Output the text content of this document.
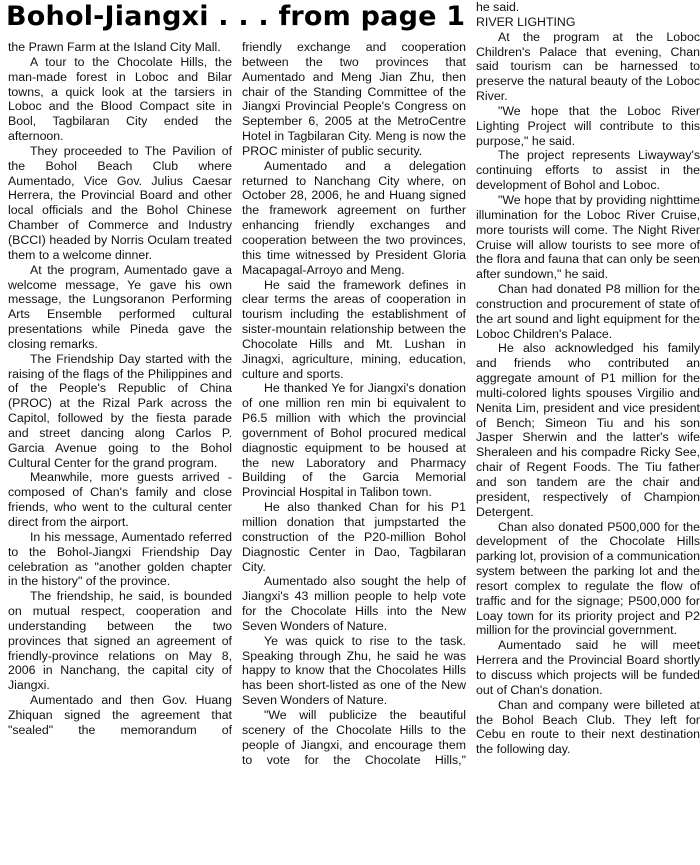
Bohol-Jiangxi . . . from page 1

the Prawn Farm at the Island City Mall.

A tour to the Chocolate Hills, the man-made forest in Loboc and Bilar towns, a quick look at the tarsiers in Loboc and the Blood Compact site in Bool, Tagbilaran City ended the afternoon.

They proceeded to The Pavilion of the Bohol Beach Club where Aumentado, Vice Gov. Julius Caesar Herrera, the Provincial Board and other local officials and the Bohol Chinese Chamber of Commerce and Industry (BCCI) headed by Norris Oculam treated them to a welcome dinner.

At the program, Aumentado gave a welcome message, Ye gave his own message, the Lungsoranon Performing Arts Ensemble performed cultural presentations while Pineda gave the closing remarks.

The Friendship Day started with the raising of the flags of the Philippines and of the People's Republic of China (PROC) at the Rizal Park across the Capitol, followed by the fiesta parade and street dancing along Carlos P. Garcia Avenue going to the Bohol Cultural Center for the grand program.

Meanwhile, more guests arrived - composed of Chan's family and close friends, who went to the cultural center direct from the airport.

In his message, Aumentado referred to the Bohol-Jiangxi Friendship Day celebration as "another golden chapter in the history" of the province.

The friendship, he said, is bounded on mutual respect, cooperation and understanding between the two provinces that signed an agreement of friendly-province relations on May 8, 2006 in Nanchang, the capital city of Jiangxi.

Aumentado and then Gov. Huang Zhiquan signed the agreement that "sealed" the memorandum of

friendly exchange and cooperation between the two provinces that Aumentado and Meng Jian Zhu, then chair of the Standing Committee of the Jiangxi Provincial People's Congress on September 6, 2005 at the MetroCentre Hotel in Tagbilaran City. Meng is now the PROC minister of public security.

Aumentado and a delegation returned to Nanchang City where, on October 28, 2006, he and Huang signed the framework agreement on further enhancing friendly exchanges and cooperation between the two provinces, this time witnessed by President Gloria Macapagal-Arroyo and Meng.

He said the framework defines in clear terms the areas of cooperation in tourism including the establishment of sister-mountain relationship between the Chocolate Hills and Mt. Lushan in Jinagxi, agriculture, mining, education, culture and sports.

He thanked Ye for Jiangxi's donation of one million ren min bi equivalent to P6.5 million with which the provincial government of Bohol procured medical diagnostic equipment to be housed at the new Laboratory and Pharmacy Building of the Garcia Memorial Provincial Hospital in Talibon town.

He also thanked Chan for his P1 million donation that jumpstarted the construction of the P20-million Bohol Diagnostic Center in Dao, Tagbilaran City.

Aumentado also sought the help of Jiangxi's 43 million people to help vote for the Chocolate Hills into the New Seven Wonders of Nature.

Ye was quick to rise to the task. Speaking through Zhu, he said he was happy to know that the Chocolates Hills has been short-listed as one of the New Seven Wonders of Nature.

"We will publicize the beautiful scenery of the Chocolate Hills to the people of Jiangxi, and encourage them to vote for the Chocolate Hills,"

he said.

RIVER LIGHTING

At the program at the Loboc Children's Palace that evening, Chan said tourism can be harnessed to preserve the natural beauty of the Loboc River.

"We hope that the Loboc River Lighting Project will contribute to this purpose," he said.

The project represents Liwayway's continuing efforts to assist in the development of Bohol and Loboc.

"We hope that by providing nighttime illumination for the Loboc River Cruise, more tourists will come. The Night River Cruise will allow tourists to see more of the flora and fauna that can only be seen after sundown," he said.

Chan had donated P8 million for the construction and procurement of state of the art sound and light equipment for the Loboc Children's Palace.

He also acknowledged his family and friends who contributed an aggregate amount of P1 million for the multi-colored lights spouses Virgilio and Nenita Lim, president and vice president of Bench; Simeon Tiu and his son Jasper Sherwin and the latter's wife Sheraleen and his compadre Ricky See, chair of Regent Foods. The Tiu father and son tandem are the chair and president, respectively of Champion Detergent.

Chan also donated P500,000 for the development of the Chocolate Hills parking lot, provision of a communication system between the parking lot and the resort complex to regulate the flow of traffic and for the signage; P500,000 for Loay town for its priority project and P2 million for the provincial government.

Aumentado said he will meet Herrera and the Provincial Board shortly to discuss which projects will be funded out of Chan's donation.

Chan and company were billeted at the Bohol Beach Club. They left for Cebu en route to their next destination the following day.
